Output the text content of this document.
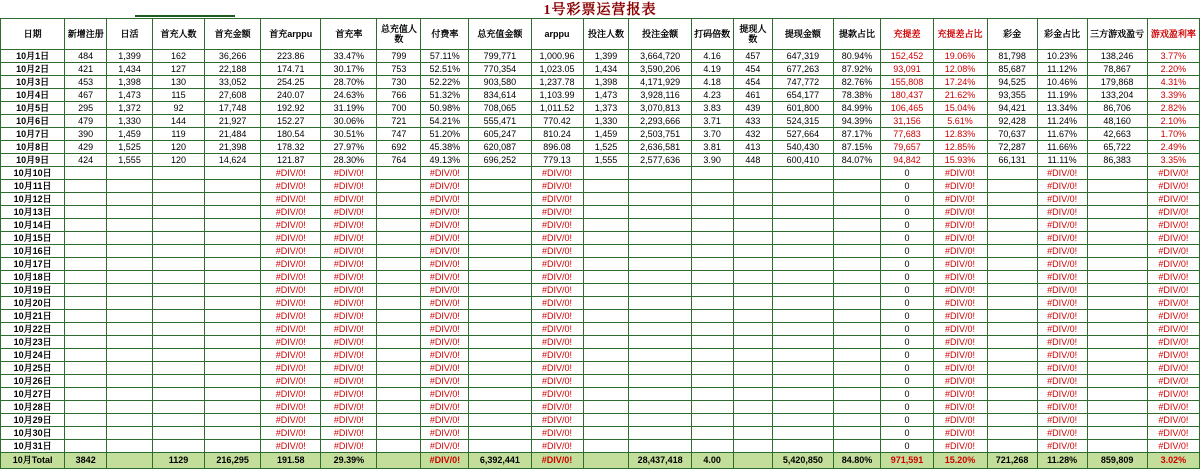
1号彩票运营报表
日期	新增注册	日活	首充人数	首充金额	首充arppu	首充率	总充值人数	付费率	总充值金额	arppu	投注人数	投注金额	打码倍数	提现人数	提现金额	提款占比	充提差	充提差占比	彩金	彩金占比	三方游戏盈亏	游戏盈利率
10月1日	484	1,399	162	36,266	223.86	33.47%	799	57.11%	799,771	1,000.96	1,399	3,664,720	4.16	457	647,319	80.94%	152,452	19.06%	81,798	10.23%	138,246	3.77%
10月2日	421	1,434	127	22,188	174.71	30.17%	753	52.51%	770,354	1,023.05	1,434	3,590,206	4.19	454	677,263	87.92%	93,091	12.08%	85,687	11.12%	78,867	2.20%
10月3日	453	1,398	130	33,052	254.25	28.70%	730	52.22%	903,580	1,237.78	1,398	4,171,929	4.18	454	747,772	82.76%	155,808	17.24%	94,525	10.46%	179,868	4.31%
10月4日	467	1,473	115	27,608	240.07	24.63%	766	51.32%	834,614	1,103.99	1,473	3,928,116	4.23	461	654,177	78.38%	180,437	21.62%	93,355	11.19%	133,204	3.39%
10月5日	295	1,372	92	17,748	192.92	31.19%	700	50.98%	708,065	1,011.52	1,373	3,070,813	3.83	439	601,800	84.99%	106,465	15.04%	94,421	13.34%	86,706	2.82%
10月6日	479	1,330	144	21,927	152.27	30.06%	721	54.21%	555,471	770.42	1,330	2,293,666	3.71	433	524,315	94.39%	31,156	5.61%	92,428	11.24%	48,160	2.10%
10月7日	390	1,459	119	21,484	180.54	30.51%	747	51.20%	605,247	810.24	1,459	2,503,751	3.70	432	527,664	87.17%	77,683	12.83%	70,637	11.67%	42,663	1.70%
10月8日	429	1,525	120	21,398	178.32	27.97%	692	45.38%	620,087	896.08	1,525	2,636,581	3.81	413	540,430	87.15%	79,657	12.85%	72,287	11.66%	65,722	2.49%
10月9日	424	1,555	120	14,624	121.87	28.30%	764	49.13%	696,252	779.13	1,555	2,577,636	3.90	448	600,410	84.07%	94,842	15.93%	66,131	11.11%	86,383	3.35%
10月10日					#DIV/0!	#DIV/0!		#DIV/0!		#DIV/0!							0	#DIV/0!		#DIV/0!		#DIV/0!
10月11日					#DIV/0!	#DIV/0!		#DIV/0!		#DIV/0!							0	#DIV/0!		#DIV/0!		#DIV/0!
10月12日					#DIV/0!	#DIV/0!		#DIV/0!		#DIV/0!							0	#DIV/0!		#DIV/0!		#DIV/0!
10月13日					#DIV/0!	#DIV/0!		#DIV/0!		#DIV/0!							0	#DIV/0!		#DIV/0!		#DIV/0!
10月14日					#DIV/0!	#DIV/0!		#DIV/0!		#DIV/0!							0	#DIV/0!		#DIV/0!		#DIV/0!
10月15日					#DIV/0!	#DIV/0!		#DIV/0!		#DIV/0!							0	#DIV/0!		#DIV/0!		#DIV/0!
10月16日					#DIV/0!	#DIV/0!		#DIV/0!		#DIV/0!							0	#DIV/0!		#DIV/0!		#DIV/0!
10月17日					#DIV/0!	#DIV/0!		#DIV/0!		#DIV/0!							0	#DIV/0!		#DIV/0!		#DIV/0!
10月18日					#DIV/0!	#DIV/0!		#DIV/0!		#DIV/0!							0	#DIV/0!		#DIV/0!		#DIV/0!
10月19日					#DIV/0!	#DIV/0!		#DIV/0!		#DIV/0!							0	#DIV/0!		#DIV/0!		#DIV/0!
10月20日					#DIV/0!	#DIV/0!		#DIV/0!		#DIV/0!							0	#DIV/0!		#DIV/0!		#DIV/0!
10月21日					#DIV/0!	#DIV/0!		#DIV/0!		#DIV/0!							0	#DIV/0!		#DIV/0!		#DIV/0!
10月22日					#DIV/0!	#DIV/0!		#DIV/0!		#DIV/0!							0	#DIV/0!		#DIV/0!		#DIV/0!
10月23日					#DIV/0!	#DIV/0!		#DIV/0!		#DIV/0!							0	#DIV/0!		#DIV/0!		#DIV/0!
10月24日					#DIV/0!	#DIV/0!		#DIV/0!		#DIV/0!							0	#DIV/0!		#DIV/0!		#DIV/0!
10月25日					#DIV/0!	#DIV/0!		#DIV/0!		#DIV/0!							0	#DIV/0!		#DIV/0!		#DIV/0!
10月26日					#DIV/0!	#DIV/0!		#DIV/0!		#DIV/0!							0	#DIV/0!		#DIV/0!		#DIV/0!
10月27日					#DIV/0!	#DIV/0!		#DIV/0!		#DIV/0!							0	#DIV/0!		#DIV/0!		#DIV/0!
10月28日					#DIV/0!	#DIV/0!		#DIV/0!		#DIV/0!							0	#DIV/0!		#DIV/0!		#DIV/0!
10月29日					#DIV/0!	#DIV/0!		#DIV/0!		#DIV/0!							0	#DIV/0!		#DIV/0!		#DIV/0!
10月30日					#DIV/0!	#DIV/0!		#DIV/0!		#DIV/0!							0	#DIV/0!		#DIV/0!		#DIV/0!
10月31日					#DIV/0!	#DIV/0!		#DIV/0!		#DIV/0!							0	#DIV/0!		#DIV/0!		#DIV/0!
10月Total	3842		1129	216,295	191.58	29.39%		#DIV/0!	6,392,441	#DIV/0!		28,437,418	4.00		5,420,850	84.80%	971,591	15.20%	721,268	11.28%	859,809	3.02%
